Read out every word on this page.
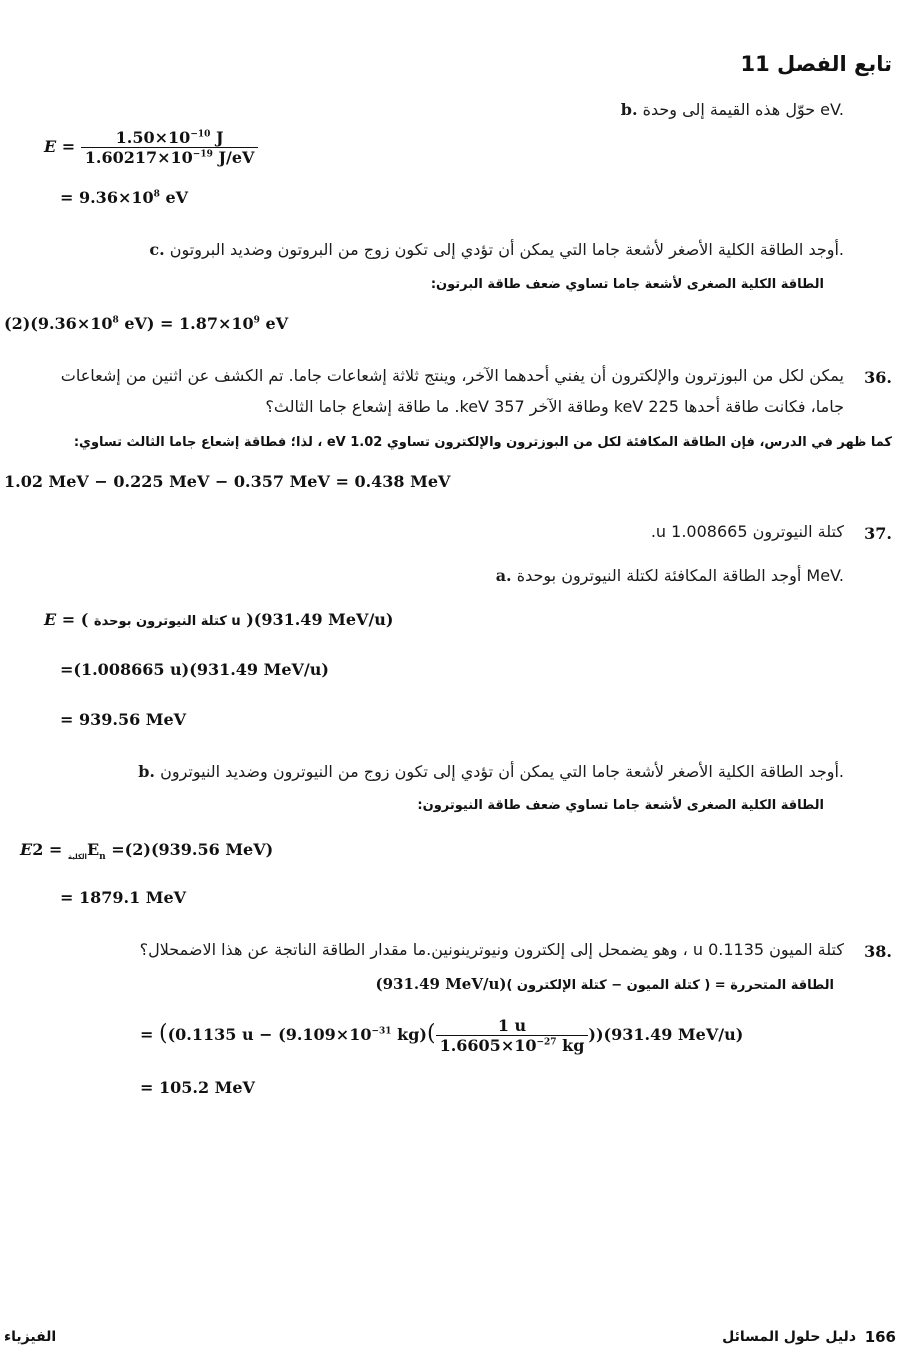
تابع الفصل 11
b. حوّل هذه القيمة إلى وحدة eV.
$E = \frac{1.50\times 10^{-10} J}{1.60217\times 10^{-19} J/eV}$
= $9.36\times 10^8$ eV
c. أوجد الطاقة الكلية الأصغر لأشعة جاما التي يمكن أن تؤدي إلى تكون زوج من البروتون وضديد البروتون.
الطاقة الكلية الصغرى لأشعة جاما تساوي ضعف طاقة البرتون:
$(2)(9.36\times 10^8$ $eV) = 1.87\times 10^9$ eV
36.
يمكن لكل من البوزترون والإلكترون أن يفني أحدهما الآخر، وينتج ثلاثة إشعاعات جاما. تم الكشف عن اثنين من إشعاعات
جاما، فكانت طاقة أحدها 225 keV وطاقة الآخر 357 keV. ما طاقة إشعاع جاما الثالث؟
كما ظهر في الدرس، فإن الطاقة المكافئة لكل من البوزترون والإلكترون تساوي 1.02 eV ، لذا؛ فطاقة إشعاع جاما الثالث تساوي:
1.02 MeV − 0.225 MeV − 0.357 MeV = 0.438 MeV
37.
كتلة النيوترون 1.008665 u.
a. أوجد الطاقة المكافئة لكتلة النيوترون بوحدة MeV.
E = ( كتلة النيوترون بوحدة u )(931.49 MeV/u)
=(1.008665 u)(931.49 MeV/u)
= 939.56 MeV
b. أوجد الطاقة الكلية الأصغر لأشعة جاما التي يمكن أن تؤدي إلى تكون زوج من النيوترون وضديد النيوترون.
الطاقة الكلية الصغرى لأشعة جاما تساوي ضعف طاقة النيوترون:
E	$_{الكلية} = 2E_n =(2)(939.56$ MeV)
= 1879.1 MeV
38.
كتلة الميون 0.1135 u ، وهو يضمحل إلى إلكترون ونيوترينونين.ما مقدار الطاقة الناتجة عن هذا الاضمحلال؟
(931.49 MeV/u)الطاقة المتحررة = ( كتلة الميون − كتلة الإلكترون )
= ((0.1135 $u - (9.109\times 10^{-31}$ $kg)( \frac{1 u}{1.6605\times 10^{-27} kg} ))(931.49$ MeV/u)
= 105.2 MeV
166
دليل حلول المسائل
الفيزياء
